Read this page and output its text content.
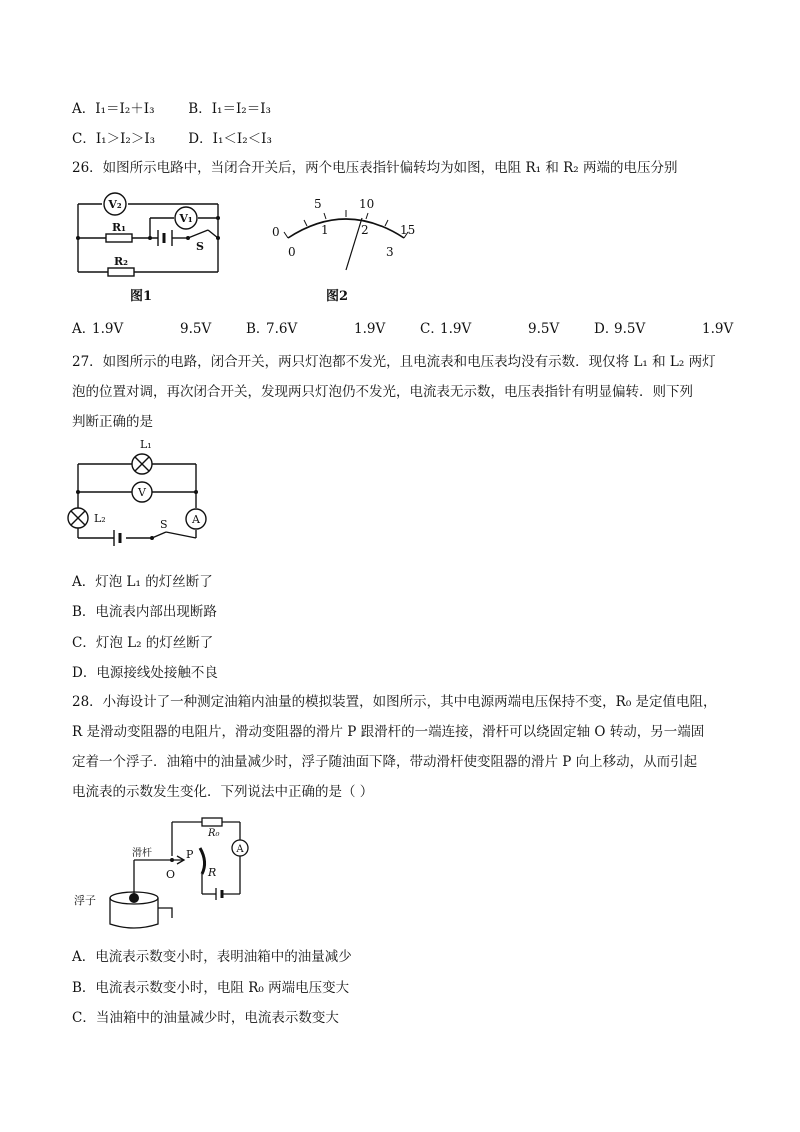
A．I₁＝I₂＋I₃	B．I₁＝I₂＝I₃
C．I₁＞I₂＞I₃ D．I₁＜I₂＜I₃
26．如图所示电路中，当闭合开关后，两个电压表指针偏转均为如图，电阻 R₁ 和 R₂ 两端的电压分别
V₂
V₁
R₁
R₂
S
图1
0
5	10
15
0
1	2
3
图2
A．1.9V	9.5V	B．7.6V	1.9V	C．1.9V	9.5V	D．9.5V	1.9V
27．如图所示的电路，闭合开关，两只灯泡都不发光，且电流表和电压表均没有示数．现仅将 L₁ 和 L₂ 两灯
泡的位置对调，再次闭合开关，发现两只灯泡仍不发光，电流表无示数，电压表指针有明显偏转．则下列
判断正确的是
L₁
V
L₂	A
S
A．灯泡 L₁ 的灯丝断了
B．电流表内部出现断路
C．灯泡 L₂ 的灯丝断了
D．电源接线处接触不良
28．小海设计了一种测定油箱内油量的模拟装置，如图所示，其中电源两端电压保持不变，R₀ 是定值电阻，
R 是滑动变阻器的电阻片，滑动变阻器的滑片 P 跟滑杆的一端连接，滑杆可以绕固定轴 O 转动，另一端固
定着一个浮子．油箱中的油量减少时，浮子随油面下降，带动滑杆使变阻器的滑片 P 向上移动，从而引起
电流表的示数发生变化．下列说法中正确的是（ ）
R₀
A
滑杆	P
O	R
浮子
A．电流表示数变小时，表明油箱中的油量减少
B．电流表示数变小时，电阻 R₀ 两端电压变大
C．当油箱中的油量减少时，电流表示数变大
